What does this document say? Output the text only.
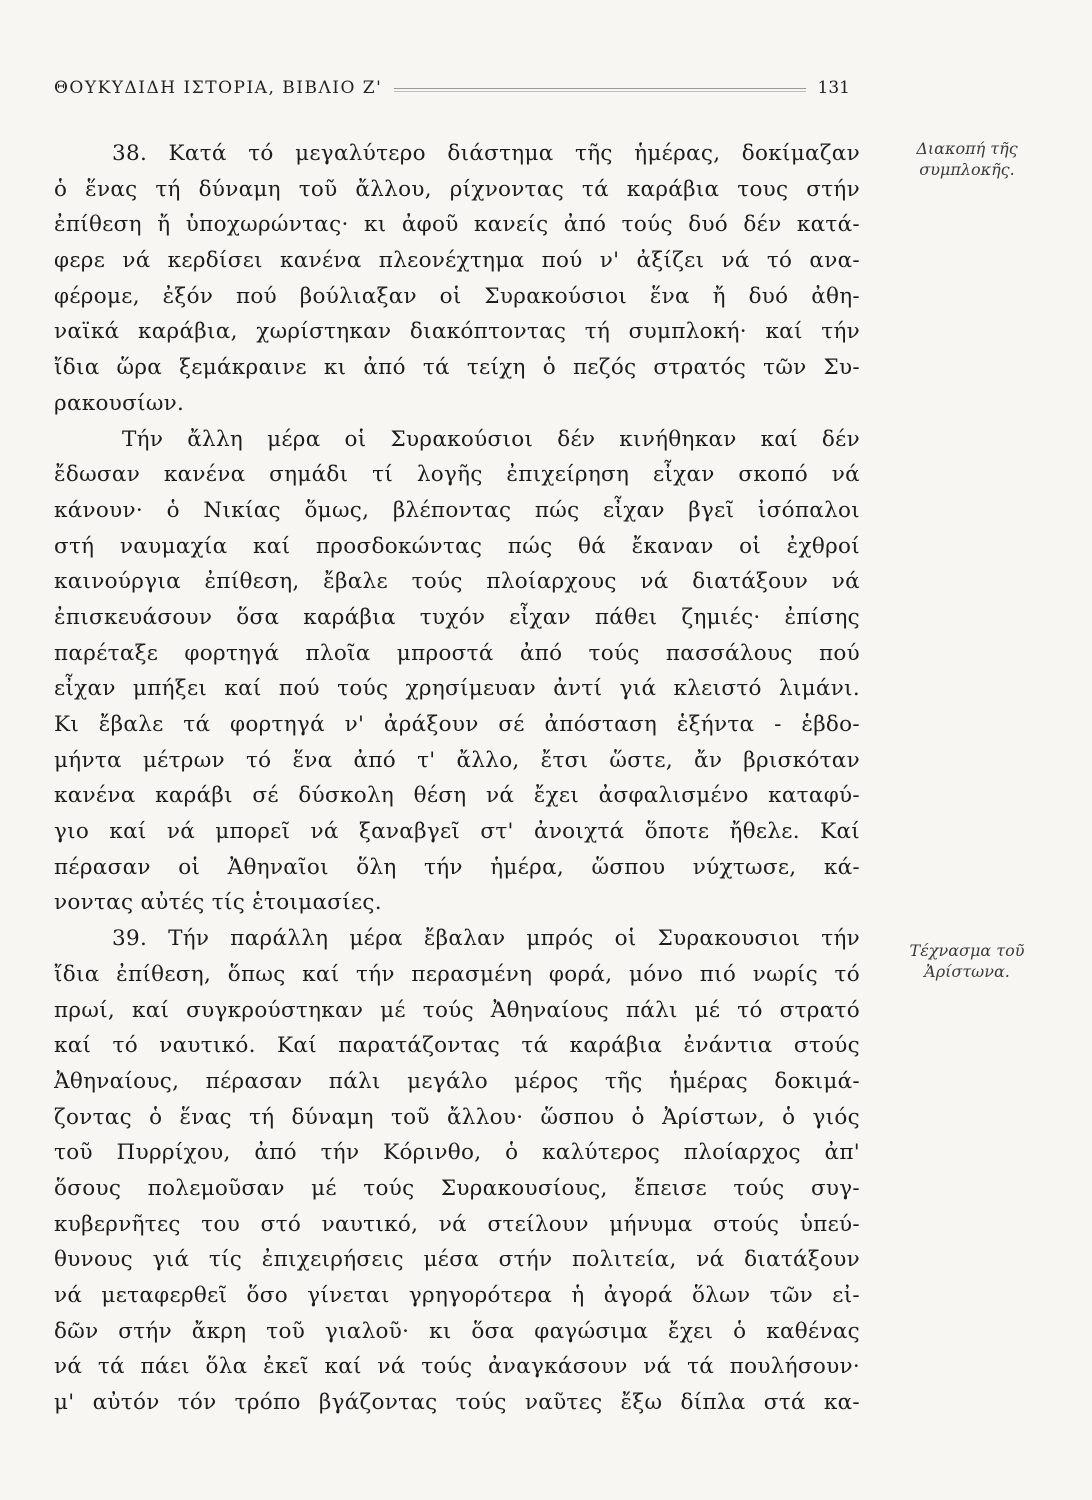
ΘΟΥΚΥΔΙΔΗ ΙΣΤΟΡΙΑ, ΒΙΒΛΙΟ Ζ'	131
Διακοπή τῆς
συμπλοκῆς.
Τέχνασμα τοῦ
Ἀρίστωνα.
38. Κατά τό μεγαλύτερο διάστημα τῆς ἡμέρας, δοκίμαζαν
ὁ ἕνας τή δύναμη τοῦ ἄλλου, ρίχνοντας τά καράβια τους στήν
ἐπίθεση ἤ ὑποχωρώντας· κι ἀφοῦ κανείς ἀπό τούς δυό δέν κατά-
φερε νά κερδίσει κανένα πλεονέχτημα πού ν' ἀξίζει νά τό ανα-
φέρομε, ἐξόν πού βούλιαξαν οἱ Συρακούσιοι ἕνα ἤ δυό ἀθη-
ναϊκά καράβια, χωρίστηκαν διακόπτοντας τή συμπλοκή· καί τήν
ἴδια ὥρα ξεμάκραινε κι ἀπό τά τείχη ὁ πεζός στρατός τῶν Συ-
ρακουσίων.
Τήν ἄλλη μέρα οἱ Συρακούσιοι δέν κινήθηκαν καί δέν
ἔδωσαν κανένα σημάδι τί λογῆς ἐπιχείρηση εἶχαν σκοπό νά
κάνουν· ὁ Νικίας ὅμως, βλέποντας πώς εἶχαν βγεῖ ἰσόπαλοι
στή ναυμαχία καί προσδοκώντας πώς θά ἔκαναν οἱ ἐχθροί
καινούργια ἐπίθεση, ἔβαλε τούς πλοίαρχους νά διατάξουν νά
ἐπισκευάσουν ὅσα καράβια τυχόν εἶχαν πάθει ζημιές· ἐπίσης
παρέταξε φορτηγά πλοῖα μπροστά ἀπό τούς πασσάλους πού
εἶχαν μπήξει καί πού τούς χρησίμευαν ἀντί γιά κλειστό λιμάνι.
Κι ἔβαλε τά φορτηγά ν' ἀράξουν σέ ἀπόσταση ἑξήντα - ἑβδο-
μήντα μέτρων τό ἕνα ἀπό τ' ἄλλο, ἔτσι ὥστε, ἄν βρισκόταν
κανένα καράβι σέ δύσκολη θέση νά ἔχει ἀσφαλισμένο καταφύ-
γιο καί νά μπορεῖ νά ξαναβγεῖ στ' ἀνοιχτά ὅποτε ἤθελε. Καί
πέρασαν οἱ Ἀθηναῖοι ὅλη τήν ἡμέρα, ὥσπου νύχτωσε, κά-
νοντας αὐτές τίς ἑτοιμασίες.
39. Τήν παράλλη μέρα ἔβαλαν μπρός οἱ Συρακουσιοι τήν
ἴδια ἐπίθεση, ὅπως καί τήν περασμένη φορά, μόνο πιό νωρίς τό
πρωί, καί συγκρούστηκαν μέ τούς Ἀθηναίους πάλι μέ τό στρατό
καί τό ναυτικό. Καί παρατάζοντας τά καράβια ἐνάντια στούς
Ἀθηναίους, πέρασαν πάλι μεγάλο μέρος τῆς ἡμέρας δοκιμά-
ζοντας ὁ ἕνας τή δύναμη τοῦ ἄλλου· ὥσπου ὁ Ἀρίστων, ὁ γιός
τοῦ Πυρρίχου, ἀπό τήν Κόρινθο, ὁ καλύτερος πλοίαρχος ἀπ'
ὅσους πολεμοῦσαν μέ τούς Συρακουσίους, ἔπεισε τούς συγ-
κυβερνῆτες του στό ναυτικό, νά στείλουν μήνυμα στούς ὑπεύ-
θυνους γιά τίς ἐπιχειρήσεις μέσα στήν πολιτεία, νά διατάξουν
νά μεταφερθεῖ ὅσο γίνεται γρηγορότερα ἡ ἀγορά ὅλων τῶν εἰ-
δῶν στήν ἄκρη τοῦ γιαλοῦ· κι ὅσα φαγώσιμα ἔχει ὁ καθένας
νά τά πάει ὅλα ἐκεῖ καί νά τούς ἀναγκάσουν νά τά πουλήσουν·
μ' αὐτόν τόν τρόπο βγάζοντας τούς ναῦτες ἔξω δίπλα στά κα-
